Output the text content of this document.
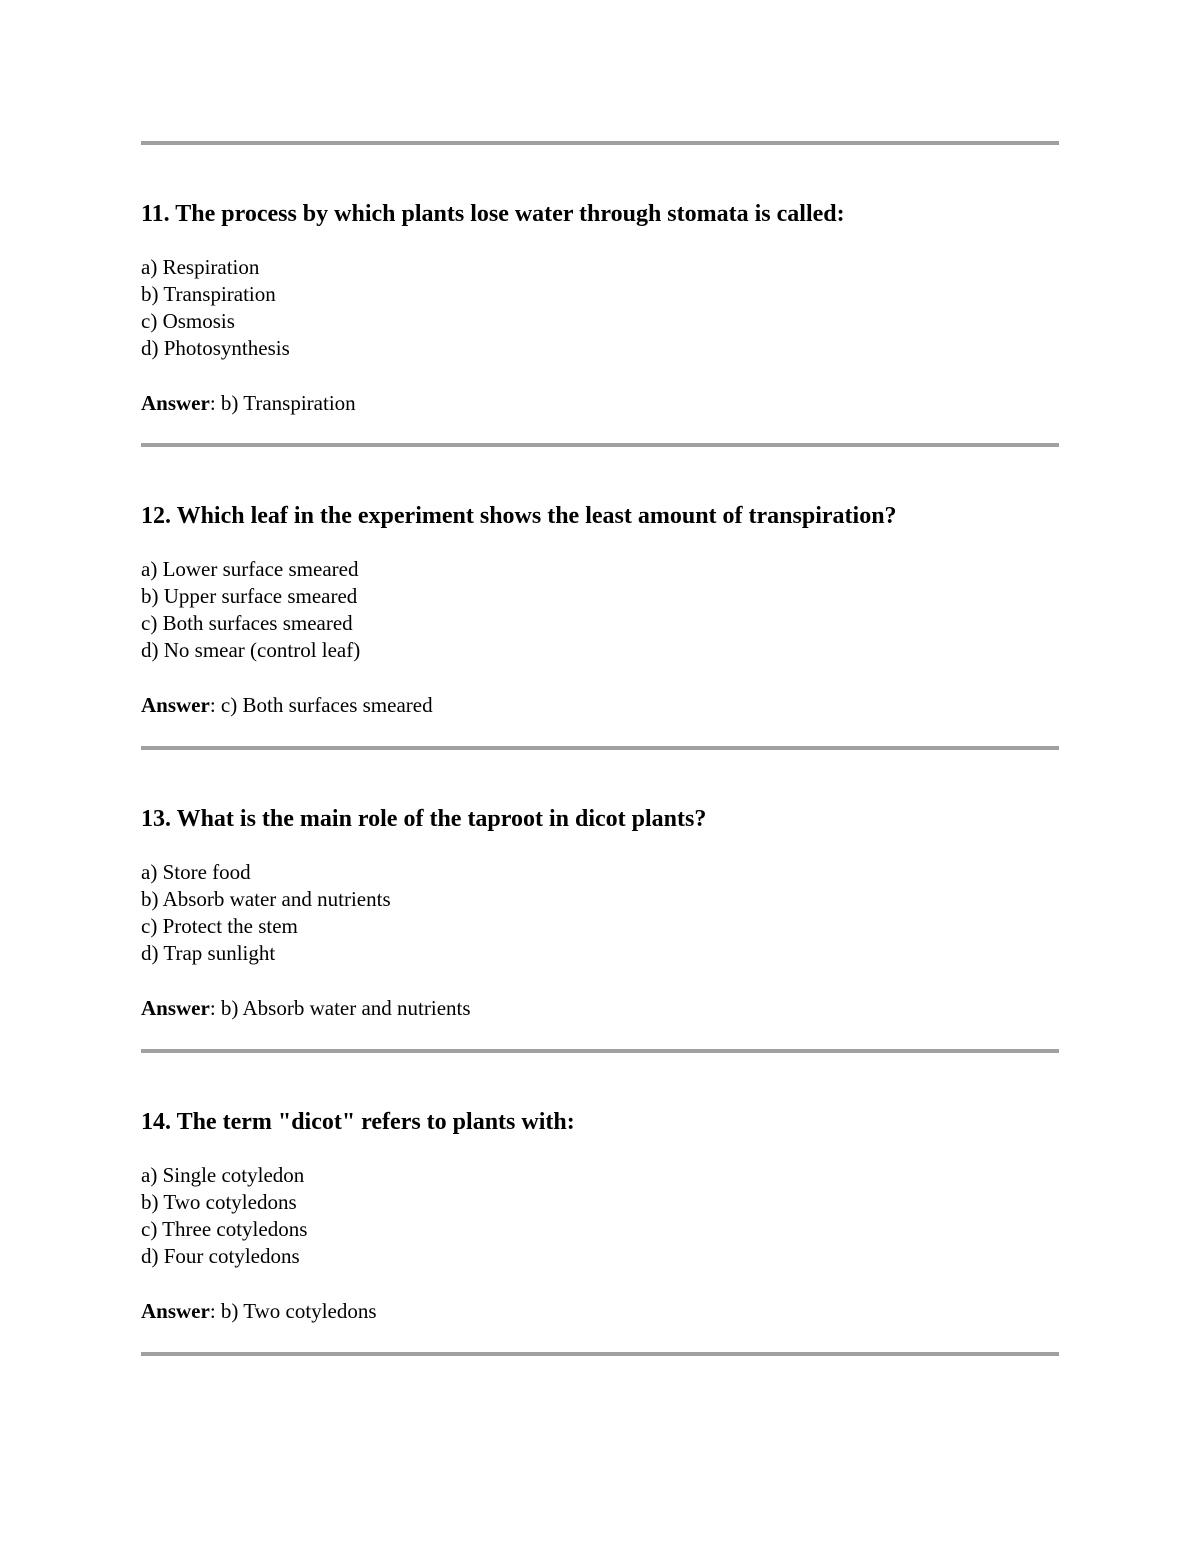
11. The process by which plants lose water through stomata is called:

a) Respiration
b) Transpiration
c) Osmosis
d) Photosynthesis
Answer: b) Transpiration

12. Which leaf in the experiment shows the least amount of transpiration?

a) Lower surface smeared
b) Upper surface smeared
c) Both surfaces smeared
d) No smear (control leaf)
Answer: c) Both surfaces smeared

13. What is the main role of the taproot in dicot plants?

a) Store food
b) Absorb water and nutrients
c) Protect the stem
d) Trap sunlight
Answer: b) Absorb water and nutrients

14. The term "dicot" refers to plants with:

a) Single cotyledon
b) Two cotyledons
c) Three cotyledons
d) Four cotyledons
Answer: b) Two cotyledons
